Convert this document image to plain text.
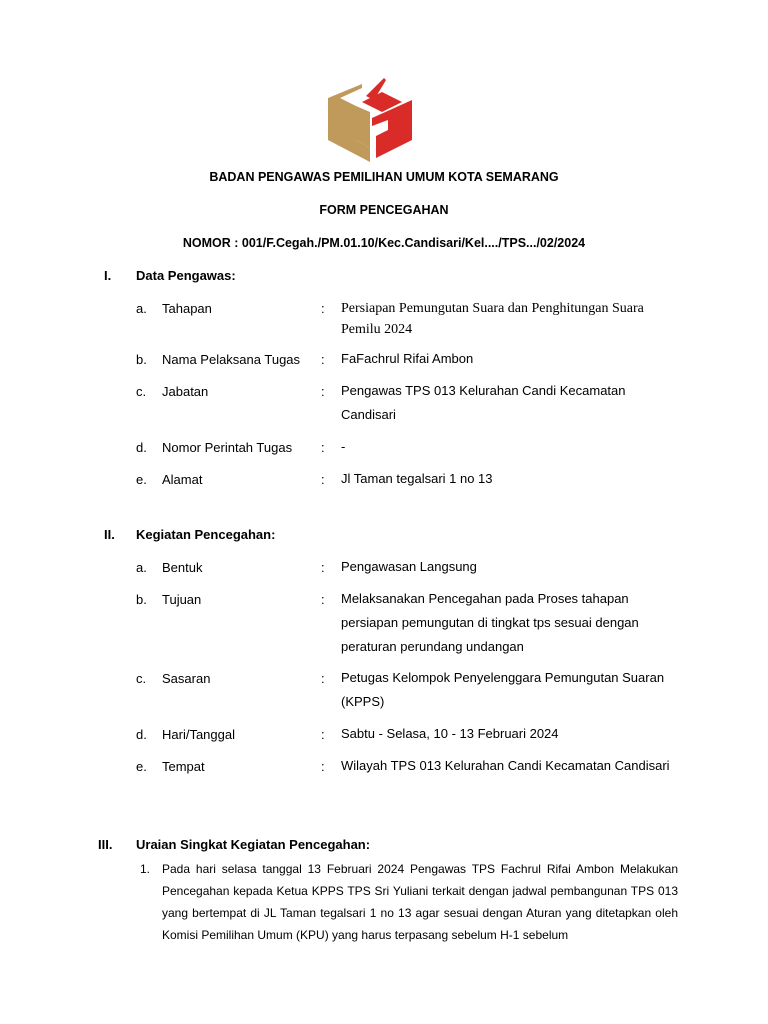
BADAN PENGAWAS PEMILIHAN UMUM KOTA SEMARANG
FORM PENCEGAHAN
NOMOR : 001/F.Cegah./PM.01.10/Kec.Candisari/Kel..../TPS.../02/2024
I. Data Pengawas:
a. Tahapan	: Persiapan Pemungutan Suara dan Penghitungan Suara Pemilu 2024
b. Nama Pelaksana Tugas : FaFachrul Rifai Ambon
c. Jabatan	: Pengawas TPS 013 Kelurahan Candi Kecamatan Candisari
d. Nomor Perintah Tugas : -
e. Alamat	: Jl Taman tegalsari 1 no 13
II. Kegiatan Pencegahan:
a. Bentuk	: Pengawasan Langsung
b. Tujuan	: Melaksanakan Pencegahan pada Proses tahapan persiapan pemungutan di tingkat tps sesuai dengan peraturan perundang undangan
c. Sasaran	: Petugas Kelompok Penyelenggara Pemungutan Suaran (KPPS)
d. Hari/Tanggal	: Sabtu - Selasa, 10 - 13 Februari 2024
e. Tempat	: Wilayah TPS 013 Kelurahan Candi Kecamatan Candisari
III. Uraian Singkat Kegiatan Pencegahan:
1. Pada hari selasa tanggal 13 Februari 2024 Pengawas TPS Fachrul Rifai Ambon Melakukan Pencegahan kepada Ketua KPPS TPS Sri Yuliani terkait dengan jadwal pembangunan TPS 013 yang bertempat di JL Taman tegalsari 1 no 13 agar sesuai dengan Aturan yang ditetapkan oleh Komisi Pemilihan Umum (KPU) yang harus terpasang sebelum H-1 sebelum
